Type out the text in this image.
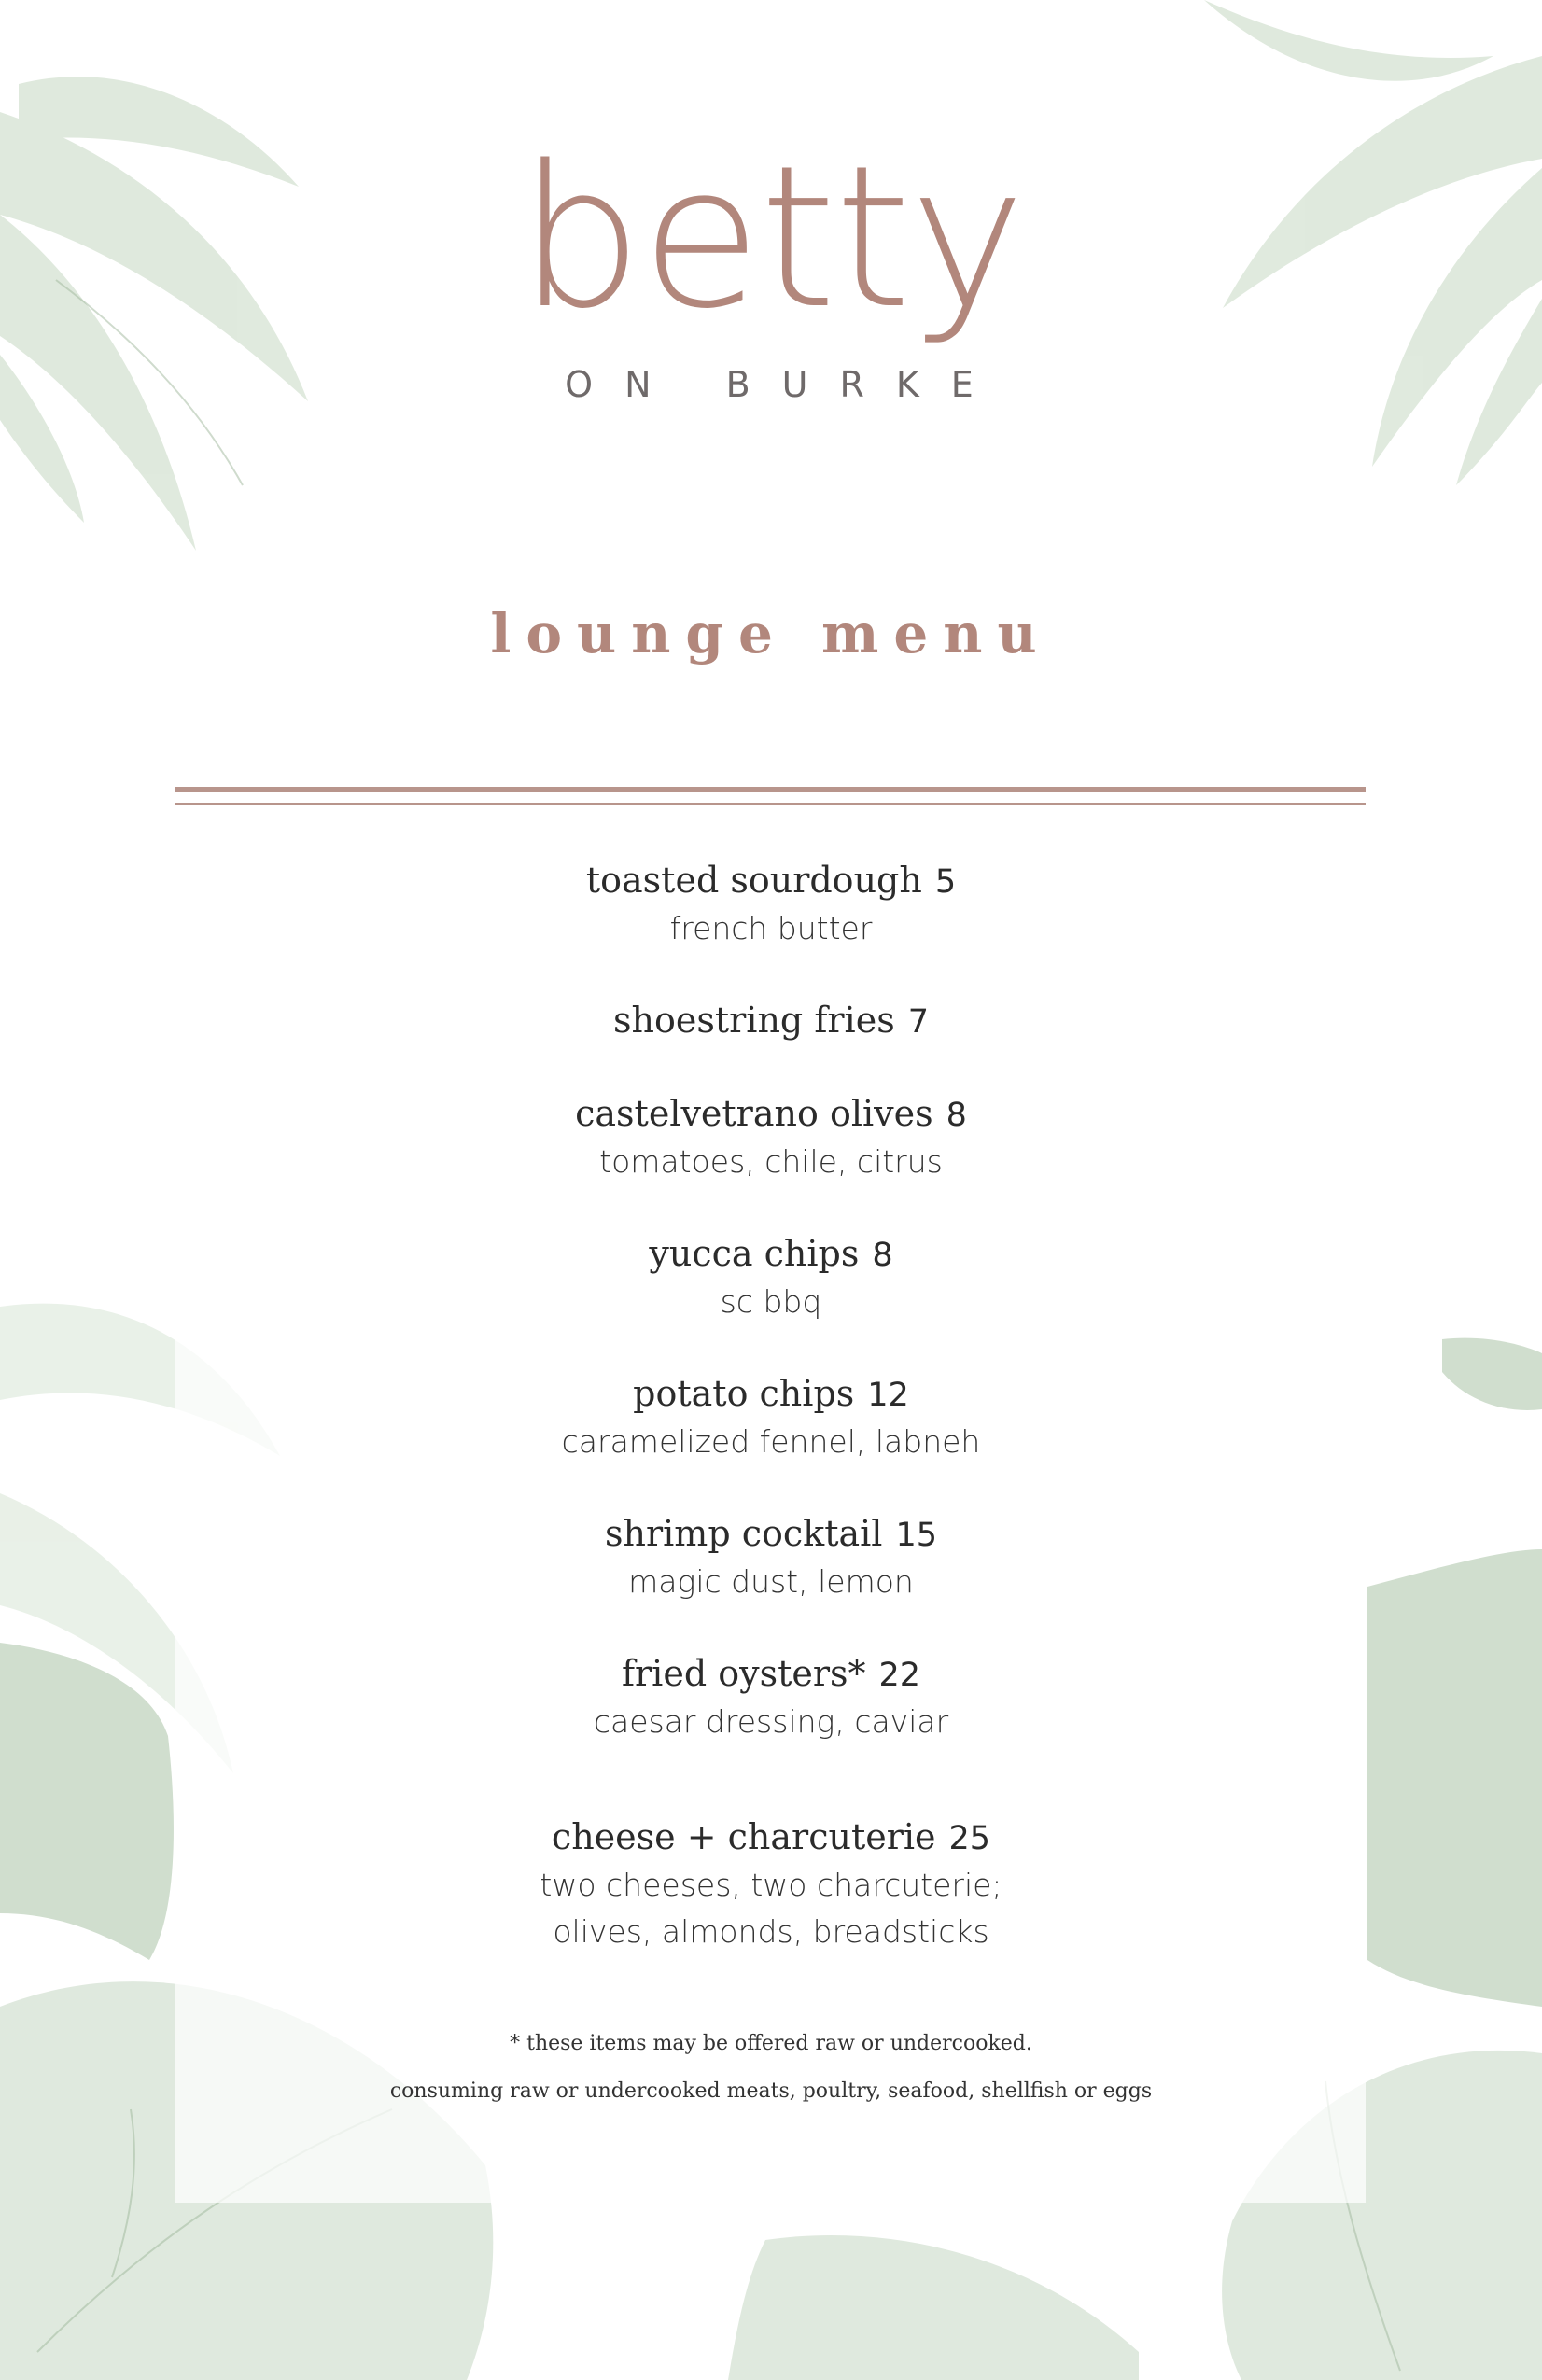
betty
ON BURKE
lounge menu
toasted sourdough 5
french butter
shoestring fries 7
castelvetrano olives 8
tomatoes, chile, citrus
yucca chips 8
sc bbq
potato chips 12
caramelized fennel, labneh
shrimp cocktail 15
magic dust, lemon
fried oysters* 22
caesar dressing, caviar
cheese + charcuterie 25
two cheeses, two charcuterie;
olives, almonds, breadsticks
* these items may be offered raw or undercooked.
consuming raw or undercooked meats, poultry, seafood, shellfish or eggs
